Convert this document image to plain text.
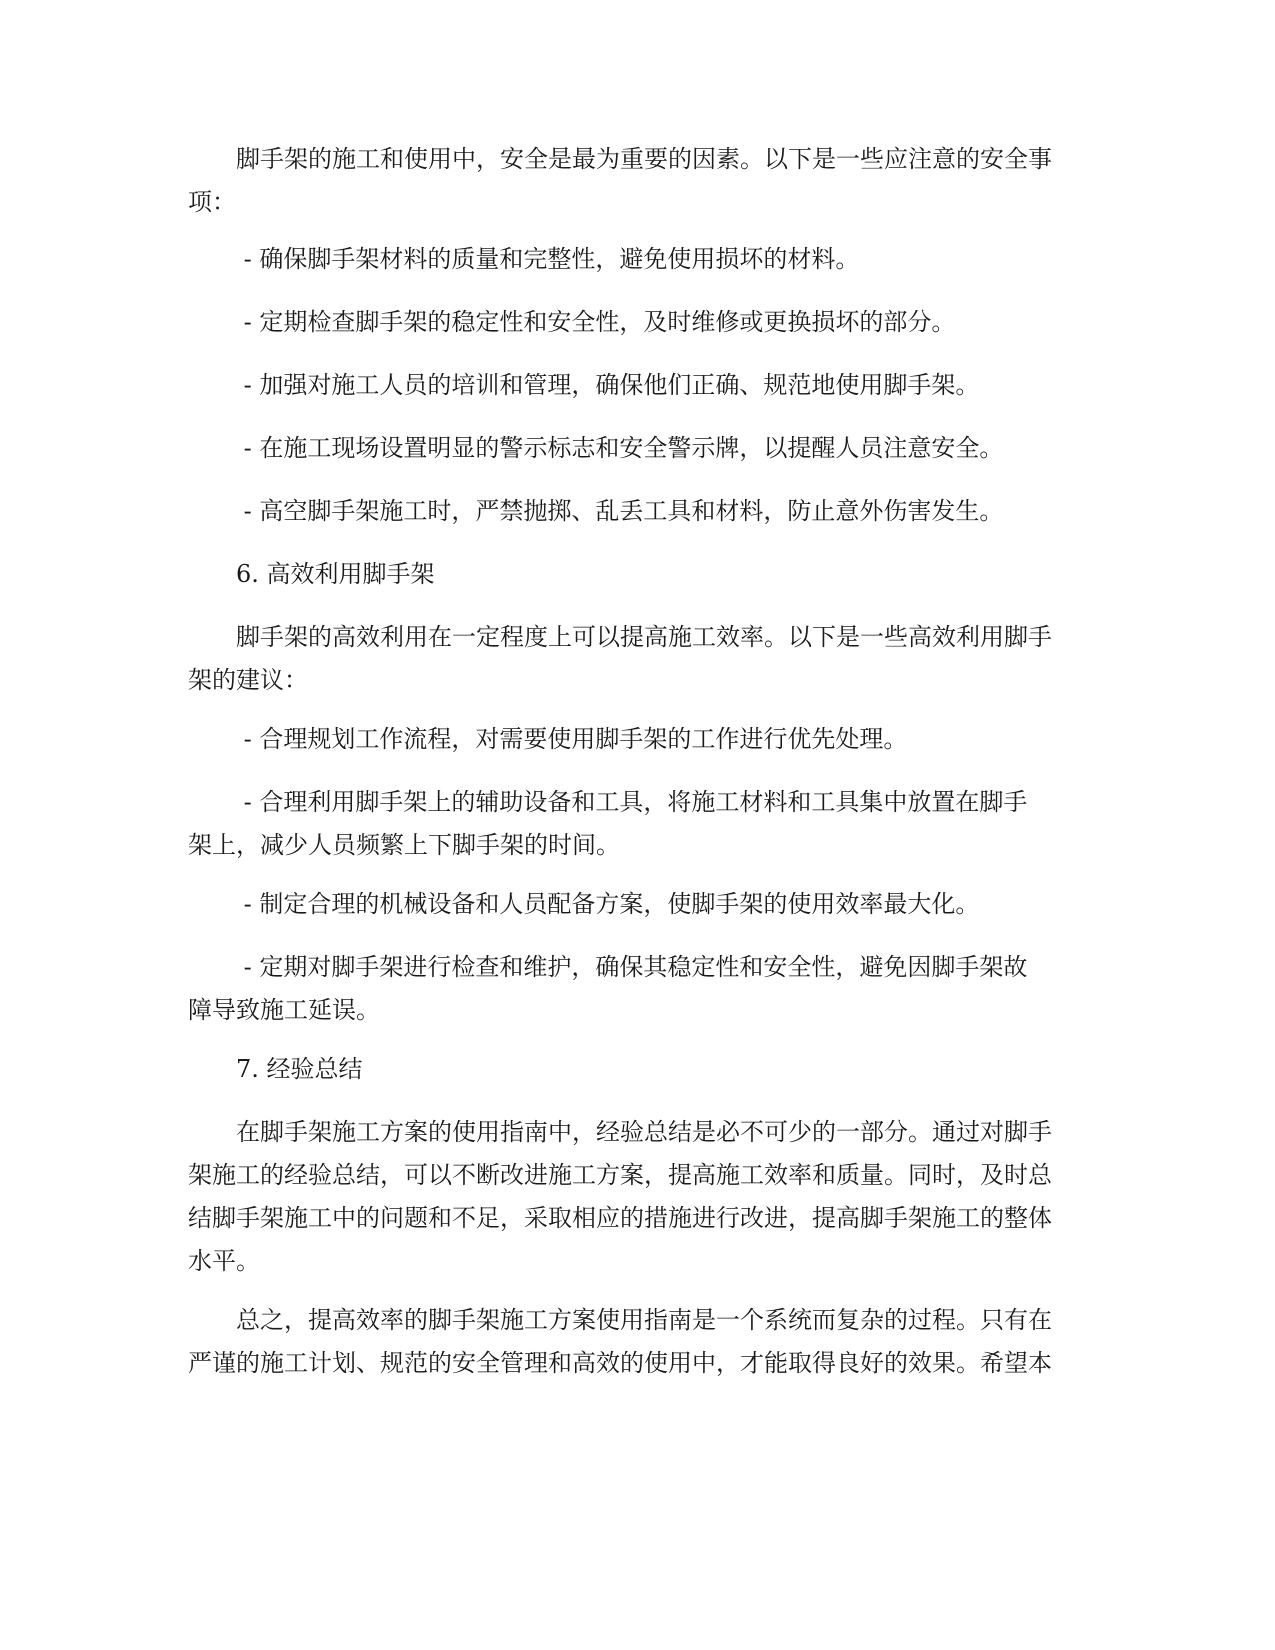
　　脚手架的施工和使用中，安全是最为重要的因素。以下是一些应注意的安全事
项：

　　 - 确保脚手架材料的质量和完整性，避免使用损坏的材料。

　　 - 定期检查脚手架的稳定性和安全性，及时维修或更换损坏的部分。

　　 - 加强对施工人员的培训和管理，确保他们正确、规范地使用脚手架。

　　 - 在施工现场设置明显的警示标志和安全警示牌，以提醒人员注意安全。

　　 - 高空脚手架施工时，严禁抛掷、乱丢工具和材料，防止意外伤害发生。

　　6. 高效利用脚手架

　　脚手架的高效利用在一定程度上可以提高施工效率。以下是一些高效利用脚手
架的建议：

　　 - 合理规划工作流程，对需要使用脚手架的工作进行优先处理。

　　 - 合理利用脚手架上的辅助设备和工具，将施工材料和工具集中放置在脚手
架上，减少人员频繁上下脚手架的时间。

　　 - 制定合理的机械设备和人员配备方案，使脚手架的使用效率最大化。

　　 - 定期对脚手架进行检查和维护，确保其稳定性和安全性，避免因脚手架故
障导致施工延误。

　　7. 经验总结

　　在脚手架施工方案的使用指南中，经验总结是必不可少的一部分。通过对脚手
架施工的经验总结，可以不断改进施工方案，提高施工效率和质量。同时，及时总
结脚手架施工中的问题和不足，采取相应的措施进行改进，提高脚手架施工的整体
水平。

　　总之，提高效率的脚手架施工方案使用指南是一个系统而复杂的过程。只有在
严谨的施工计划、规范的安全管理和高效的使用中，才能取得良好的效果。希望本
